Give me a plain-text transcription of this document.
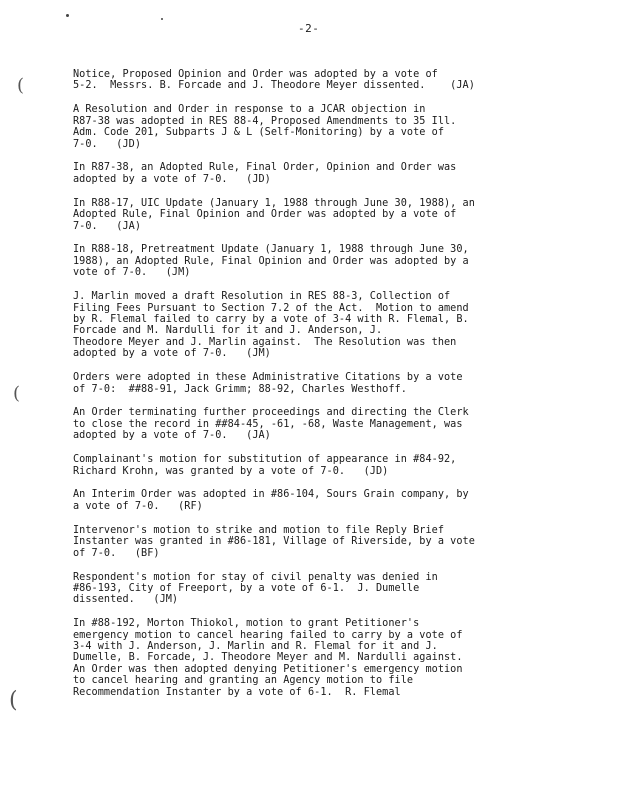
-2-
(
(
(

Notice, Proposed Opinion and Order was adopted by a vote of
5-2.  Messrs. B. Forcade and J. Theodore Meyer dissented.    (JA)

A Resolution and Order in response to a JCAR objection in
R87-38 was adopted in RES 88-4, Proposed Amendments to 35 Ill.
Adm. Code 201, Subparts J & L (Self-Monitoring) by a vote of
7-0.   (JD)

In R87-38, an Adopted Rule, Final Order, Opinion and Order was
adopted by a vote of 7-0.   (JD)

In R88-17, UIC Update (January 1, 1988 through June 30, 1988), an
Adopted Rule, Final Opinion and Order was adopted by a vote of
7-0.   (JA)

In R88-18, Pretreatment Update (January 1, 1988 through June 30,
1988), an Adopted Rule, Final Opinion and Order was adopted by a
vote of 7-0.   (JM)

J. Marlin moved a draft Resolution in RES 88-3, Collection of
Filing Fees Pursuant to Section 7.2 of the Act.  Motion to amend
by R. Flemal failed to carry by a vote of 3-4 with R. Flemal, B.
Forcade and M. Nardulli for it and J. Anderson, J.
Theodore Meyer and J. Marlin against.  The Resolution was then
adopted by a vote of 7-0.   (JM)

Orders were adopted in these Administrative Citations by a vote
of 7-0:  ##88-91, Jack Grimm; 88-92, Charles Westhoff.

An Order terminating further proceedings and directing the Clerk
to close the record in ##84-45, -61, -68, Waste Management, was
adopted by a vote of 7-0.   (JA)

Complainant's motion for substitution of appearance in #84-92,
Richard Krohn, was granted by a vote of 7-0.   (JD)

An Interim Order was adopted in #86-104, Sours Grain company, by
a vote of 7-0.   (RF)

Intervenor's motion to strike and motion to file Reply Brief
Instanter was granted in #86-181, Village of Riverside, by a vote
of 7-0.   (BF)

Respondent's motion for stay of civil penalty was denied in
#86-193, City of Freeport, by a vote of 6-1.  J. Dumelle
dissented.   (JM)

In #88-192, Morton Thiokol, motion to grant Petitioner's
emergency motion to cancel hearing failed to carry by a vote of
3-4 with J. Anderson, J. Marlin and R. Flemal for it and J.
Dumelle, B. Forcade, J. Theodore Meyer and M. Nardulli against.
An Order was then adopted denying Petitioner's emergency motion
to cancel hearing and granting an Agency motion to file
Recommendation Instanter by a vote of 6-1.  R. Flemal
